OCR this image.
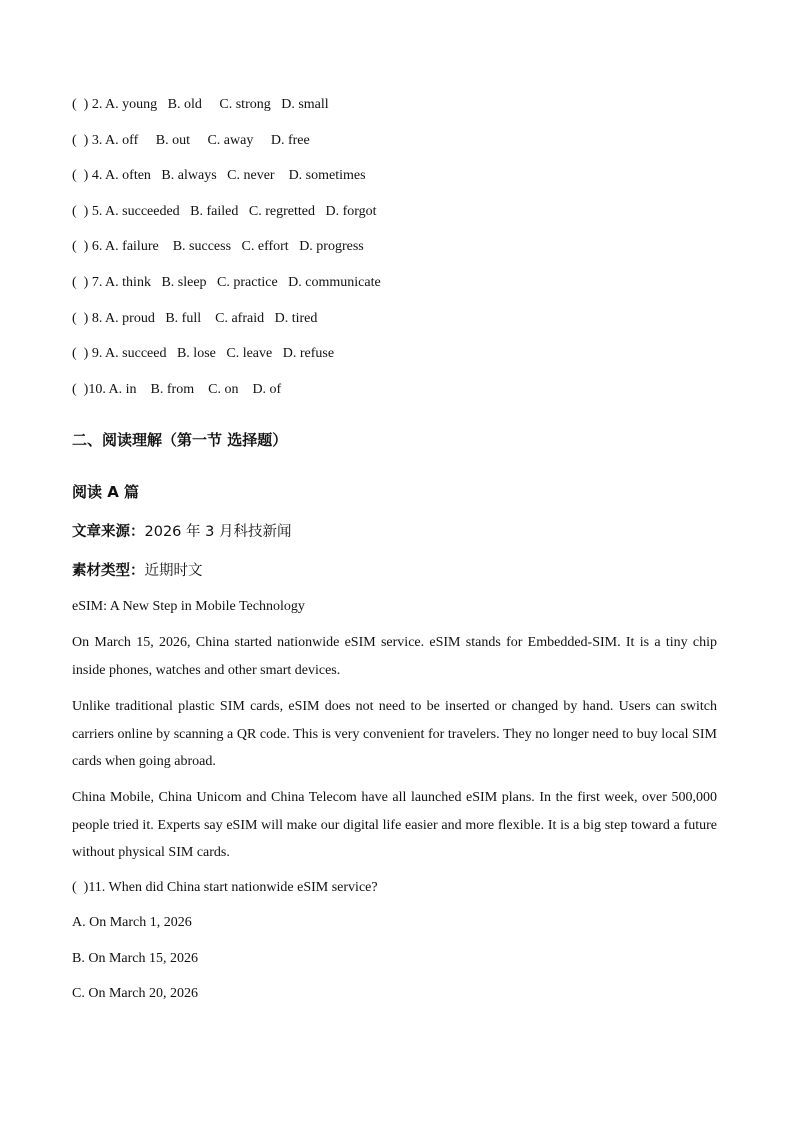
(  ) 2. A. young   B. old     C. strong   D. small
(  ) 3. A. off     B. out     C. away     D. free
(  ) 4. A. often   B. always   C. never    D. sometimes
(  ) 5. A. succeeded   B. failed   C. regretted   D. forgot
(  ) 6. A. failure    B. success   C. effort   D. progress
(  ) 7. A. think   B. sleep   C. practice   D. communicate
(  ) 8. A. proud   B. full    C. afraid   D. tired
(  ) 9. A. succeed   B. lose   C. leave   D. refuse
(  )10. A. in    B. from    C. on    D. of
二、阅读理解（第一节 选择题）
阅读 A 篇
文章来源：2026 年 3 月科技新闻
素材类型：近期时文
eSIM: A New Step in Mobile Technology
On March 15, 2026, China started nationwide eSIM service. eSIM stands for Embedded-SIM. It is a tiny chip inside phones, watches and other smart devices.
Unlike traditional plastic SIM cards, eSIM does not need to be inserted or changed by hand. Users can switch carriers online by scanning a QR code. This is very convenient for travelers. They no longer need to buy local SIM cards when going abroad.
China Mobile, China Unicom and China Telecom have all launched eSIM plans. In the first week, over 500,000 people tried it. Experts say eSIM will make our digital life easier and more flexible. It is a big step toward a future without physical SIM cards.
(  )11. When did China start nationwide eSIM service?
A. On March 1, 2026
B. On March 15, 2026
C. On March 20, 2026
